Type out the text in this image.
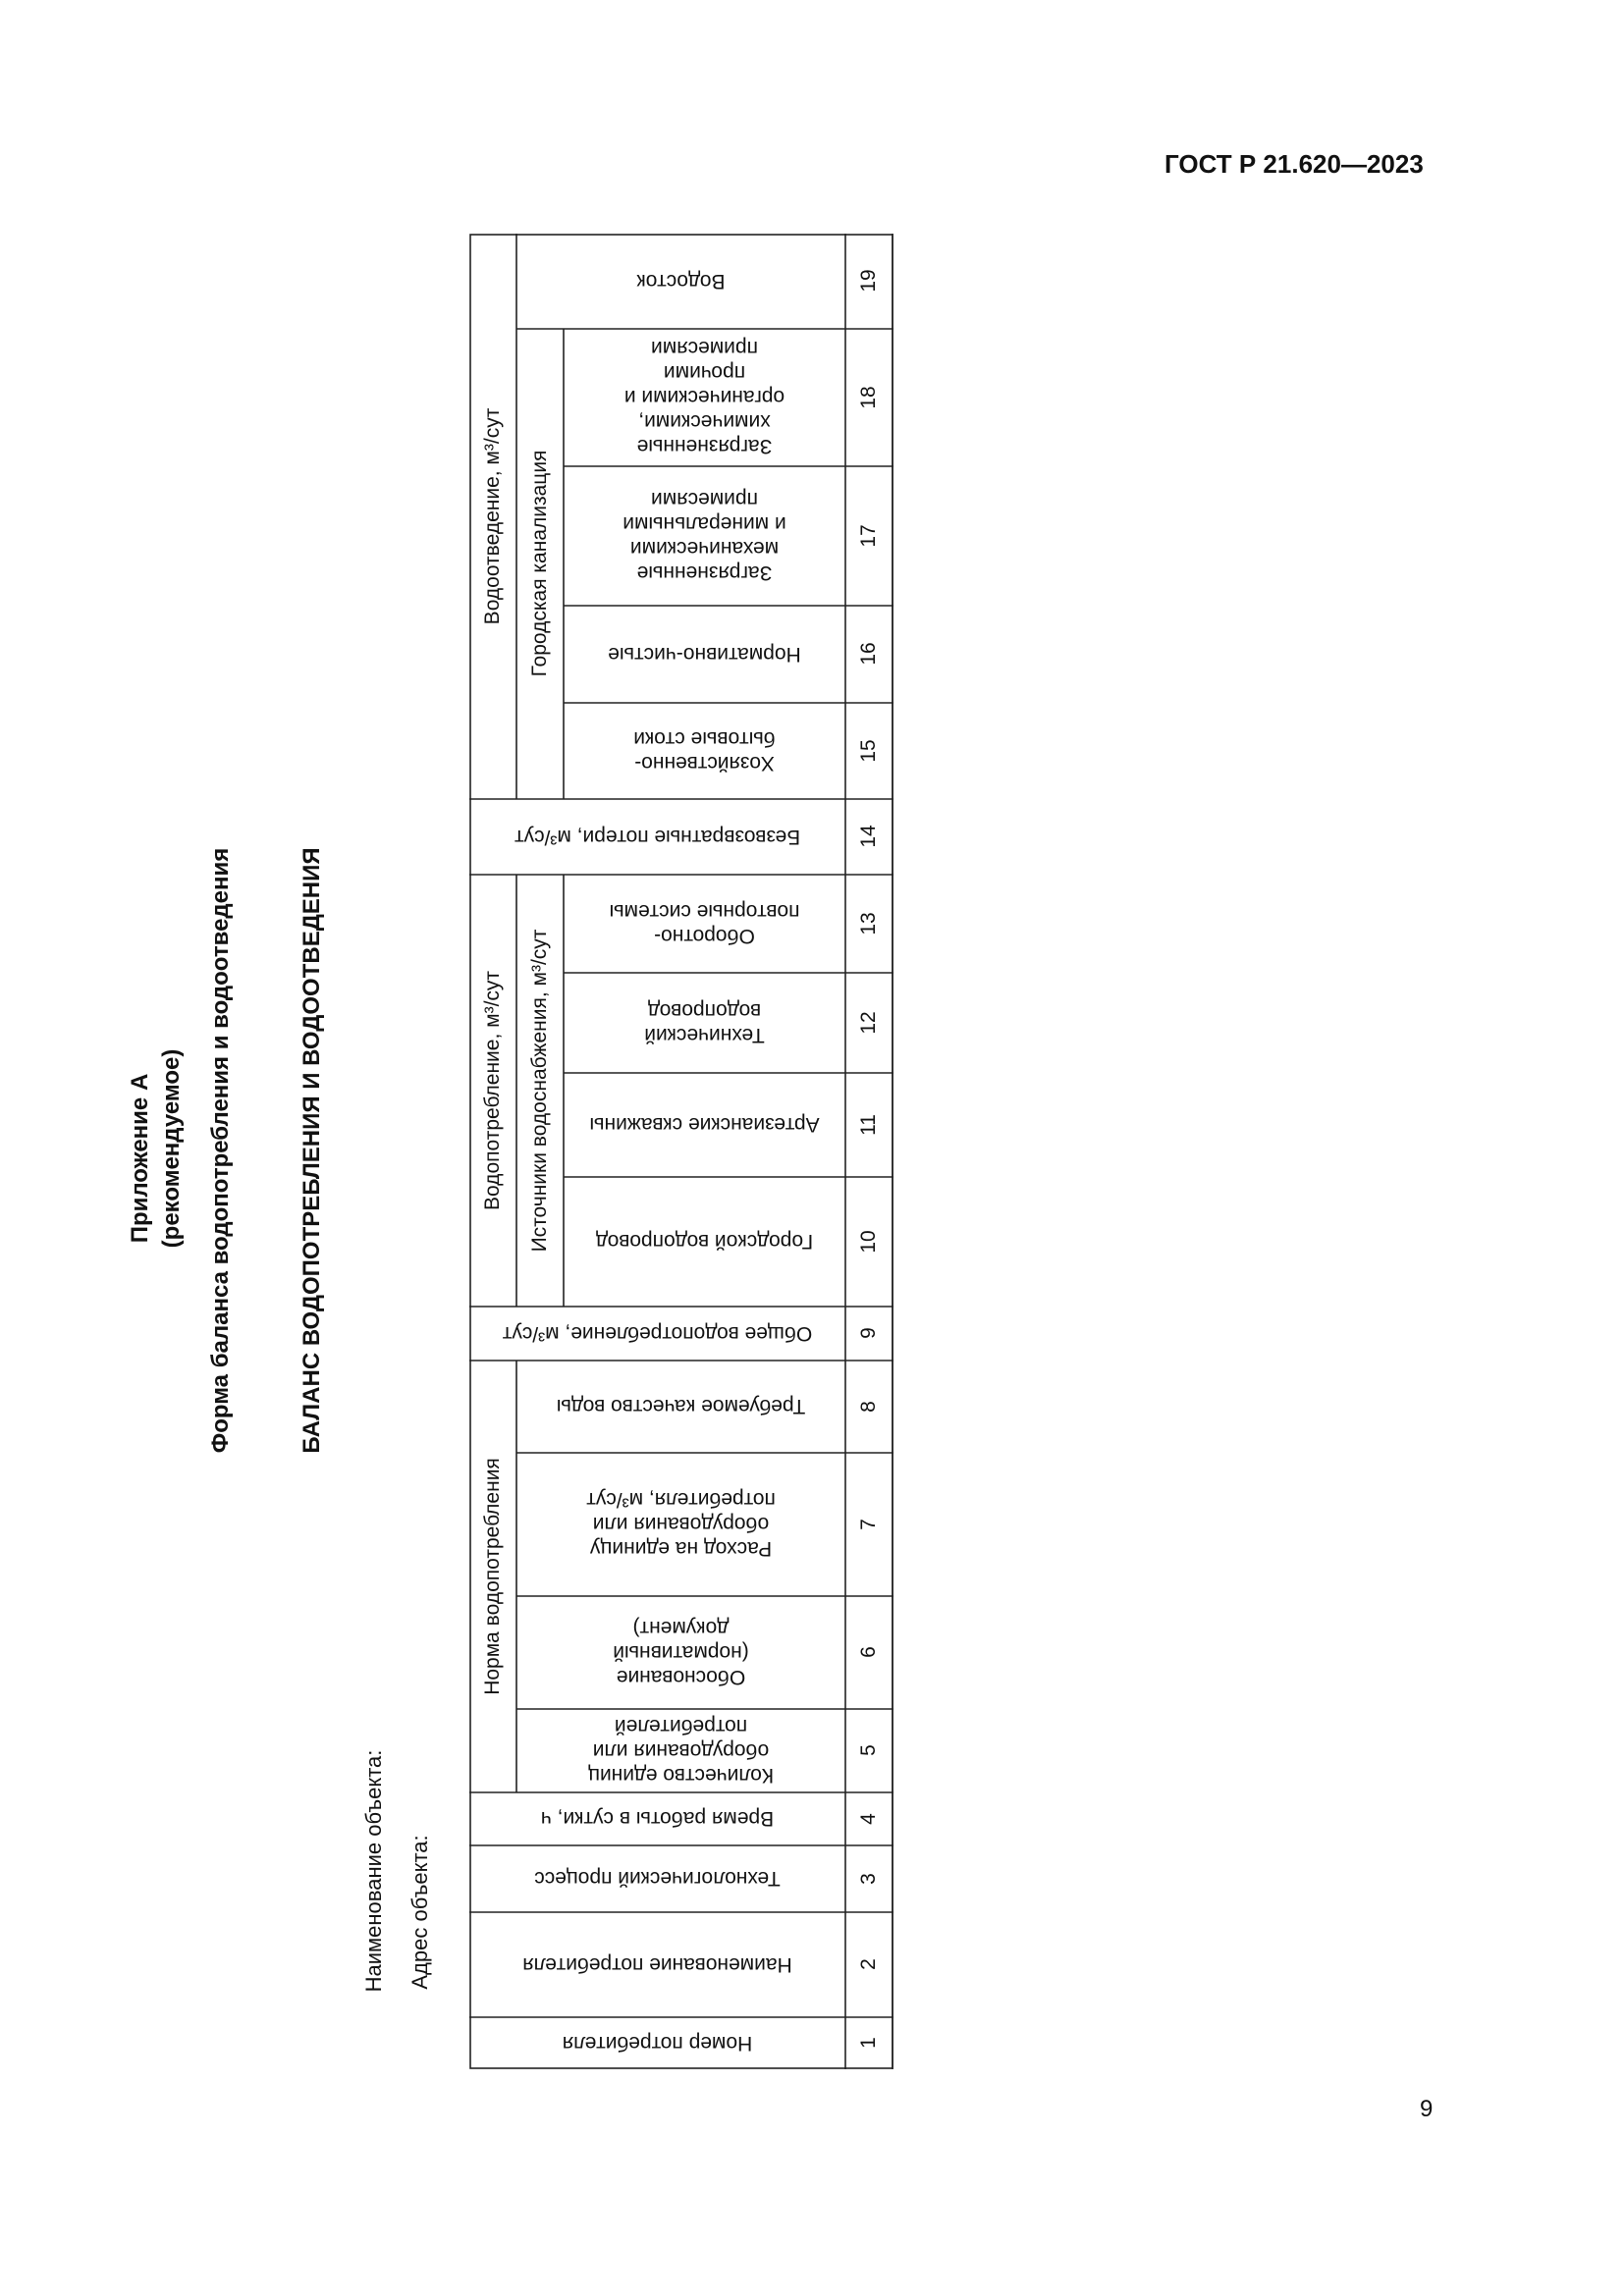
ГОСТ Р 21.620—2023
Приложение А (рекомендуемое) Форма баланса водопотребления и водоотведения	БАЛАНС ВОДОПОТРЕБЛЕНИЯ И ВОДООТВЕДЕНИЯ
Наименование объекта: Адрес объекта:
Номер потребителя
Наименование потребителя
Технологический процесс
Время работы в сутки, ч
Количество единиц оборудования или потребителей
Обоснование (нормативный документ)
Расход на единицу оборудования или потребителя, м³/сут
Требуемое качество воды
Общее водопотребление, м³/сут
Городской водопровод
Артезианские скважины
Технический водопровод
Оборотно-повторные системы
Безвозвратные потери, м³/сут
Хозяйственно-бытовые стоки
Нормативно-чистые
Загрязненные механическими и минеральными примесями
Загрязненные химическими, органическими и прочими примесями
Водосток
1
2
3
4
5
6
7
8
9
10
11
12
13
14
15
16
17
18
19
Норма водопотребления
Водопотребление, м³/сут Источники водоснабжения, м³/сут
Водоотведение, м³/сут Городская канализация
9
